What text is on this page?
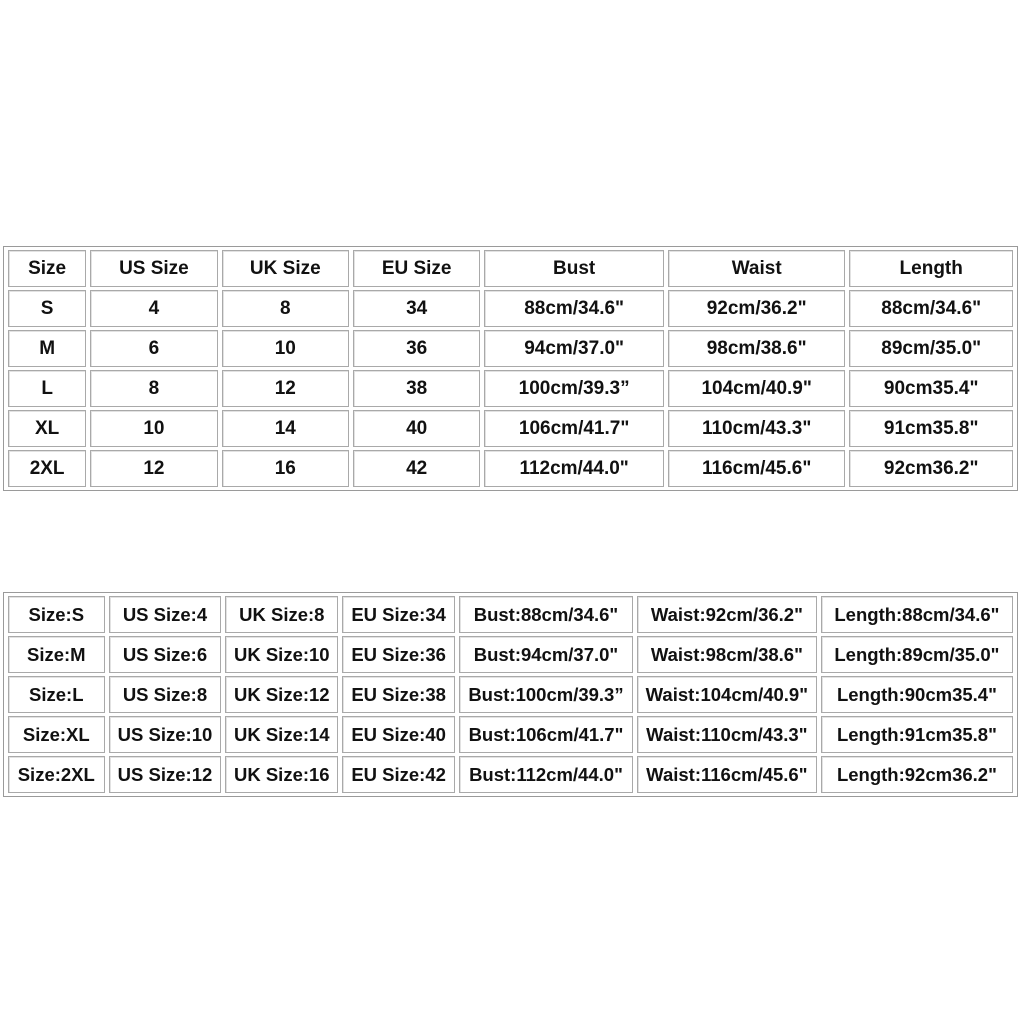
Size	US Size	UK Size	EU Size	Bust	Waist	Length
S	4	8	34	88cm/34.6"	92cm/36.2"	88cm/34.6"
M	6	10	36	94cm/37.0"	98cm/38.6"	89cm/35.0"
L	8	12	38	100cm/39.3”	104cm/40.9"	90cm35.4"
XL	10	14	40	106cm/41.7"	110cm/43.3"	91cm35.8"
2XL	12	16	42	112cm/44.0"	116cm/45.6"	92cm36.2"
Size:S	US Size:4	UK Size:8	EU Size:34	Bust:88cm/34.6"	Waist:92cm/36.2"	Length:88cm/34.6"
Size:M	US Size:6	UK Size:10	EU Size:36	Bust:94cm/37.0"	Waist:98cm/38.6"	Length:89cm/35.0"
Size:L	US Size:8	UK Size:12	EU Size:38	Bust:100cm/39.3”	Waist:104cm/40.9"	Length:90cm35.4"
Size:XL	US Size:10	UK Size:14	EU Size:40	Bust:106cm/41.7"	Waist:110cm/43.3"	Length:91cm35.8"
Size:2XL	US Size:12	UK Size:16	EU Size:42	Bust:112cm/44.0"	Waist:116cm/45.6"	Length:92cm36.2"
